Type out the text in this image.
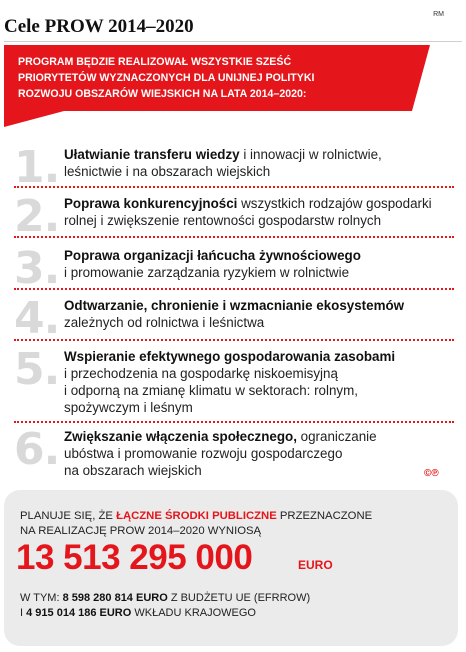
Cele PROW 2014–2020
RM
PROGRAM BĘDZIE REALIZOWAŁ WSZYSTKIE SZEŚĆ
PRIORYTETÓW WYZNACZONYCH DLA UNIJNEJ POLITYKI
ROZWOJU OBSZARÓW WIEJSKICH NA LATA 2014–2020:
1. Ułatwianie transferu wiedzy i innowacji w rolnictwie,
leśnictwie i na obszarach wiejskich
2. Poprawa konkurencyjności wszystkich rodzajów gospodarki
rolnej i zwiększenie rentowności gospodarstw rolnych
3. Poprawa organizacji łańcucha żywnościowego
i promowanie zarządzania ryzykiem w rolnictwie
4. Odtwarzanie, chronienie i wzmacnianie ekosystemów
zależnych od rolnictwa i leśnictwa
5. Wspieranie efektywnego gospodarowania zasobami
i przechodzenia na gospodarkę niskoemisyjną
i odporną na zmianę klimatu w sektorach: rolnym,
spożywczym i leśnym
6. Zwiększanie włączenia społecznego, ograniczanie
ubóstwa i promowanie rozwoju gospodarczego
na obszarach wiejskich	©℗
PLANUJE SIĘ, ŻE ŁĄCZNE ŚRODKI PUBLICZNE PRZEZNACZONE
NA REALIZACJĘ PROW 2014–2020 WYNIOSĄ
13 513 295 000	EURO
W TYM: 8 598 280 814 EURO Z BUDŻETU UE (EFRROW)
I 4 915 014 186 EURO WKŁADU KRAJOWEGO
